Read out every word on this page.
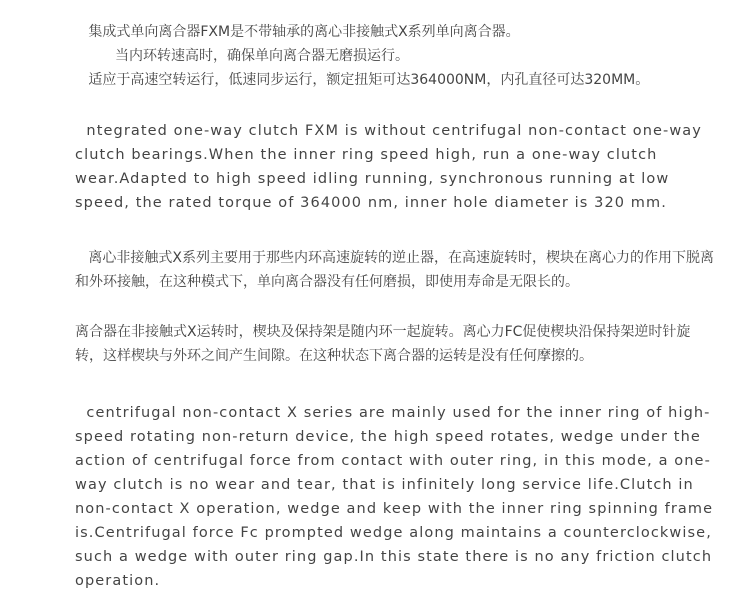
集成式单向离合器FXM是不带轴承的离心非接触式X系列单向离合器。

当内环转速高时，确保单向离合器无磨损运行。

适应于高速空转运行，低速同步运行，额定扭矩可达364000NM，内孔直径可达320MM。

ntegrated one-way clutch FXM is without centrifugal non-contact one-way clutch bearings.When the inner ring speed high, run a one-way clutch wear.Adapted to high speed idling running, synchronous running at low speed, the rated torque of 364000 nm, inner hole diameter is 320 mm.

离心非接触式X系列主要用于那些内环高速旋转的逆止器，在高速旋转时，楔块在离心力的作用下脱离和外环接触，在这种模式下，单向离合器没有任何磨损，即使用寿命是无限长的。

离合器在非接触式X运转时，楔块及保持架是随内环一起旋转。离心力FC促使楔块沿保持架逆时针旋转，这样楔块与外环之间产生间隙。在这种状态下离合器的运转是没有任何摩擦的。

centrifugal non-contact X series are mainly used for the inner ring of high-speed rotating non-return device, the high speed rotates, wedge under the action of centrifugal force from contact with outer ring, in this mode, a one-way clutch is no wear and tear, that is infinitely long service life.Clutch in non-contact X operation, wedge and keep with the inner ring spinning frame is.Centrifugal force Fc prompted wedge along maintains a counterclockwise, such a wedge with outer ring gap.In this state there is no any friction clutch operation.
